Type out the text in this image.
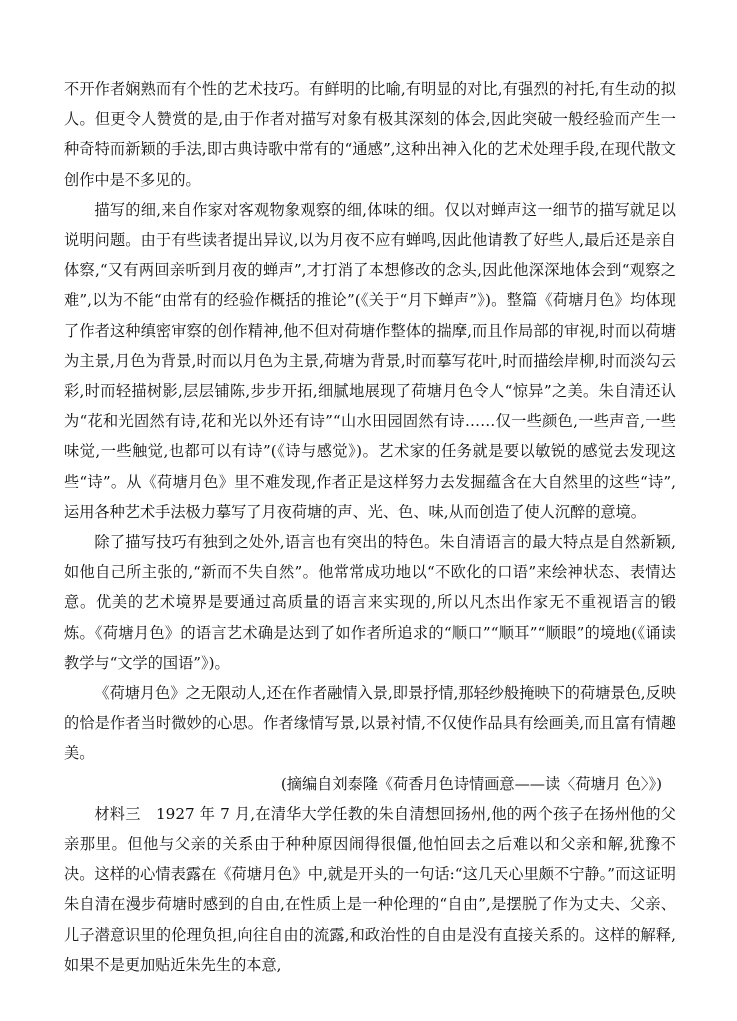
不开作者娴熟而有个性的艺术技巧。有鲜明的比喻,有明显的对比,有强烈的衬托,有生动的拟人。但更令人赞赏的是,由于作者对描写对象有极其深刻的体会,因此突破一般经验而产生一种奇特而新颖的手法,即古典诗歌中常有的“通感”,这种出神入化的艺术处理手段,在现代散文创作中是不多见的。

描写的细,来自作家对客观物象观察的细,体味的细。仅以对蝉声这一细节的描写就足以说明问题。由于有些读者提出异议,以为月夜不应有蝉鸣,因此他请教了好些人,最后还是亲自体察,“又有两回亲听到月夜的蝉声”,才打消了本想修改的念头,因此他深深地体会到“观察之难”,以为不能“由常有的经验作概括的推论”(《关于“月下蝉声”》)。整篇《荷塘月色》均体现了作者这种缜密审察的创作精神,他不但对荷塘作整体的揣摩,而且作局部的审视,时而以荷塘为主景,月色为背景,时而以月色为主景,荷塘为背景,时而摹写花叶,时而描绘岸柳,时而淡勾云彩,时而轻描树影,层层铺陈,步步开拓,细腻地展现了荷塘月色令人“惊异”之美。朱自清还认为“花和光固然有诗,花和光以外还有诗”“山水田园固然有诗……仅一些颜色,一些声音,一些味觉,一些触觉,也都可以有诗”(《诗与感觉》)。艺术家的任务就是要以敏锐的感觉去发现这些“诗”。从《荷塘月色》里不难发现,作者正是这样努力去发掘蕴含在大自然里的这些“诗”,运用各种艺术手法极力摹写了月夜荷塘的声、光、色、味,从而创造了使人沉醉的意境。

除了描写技巧有独到之处外,语言也有突出的特色。朱自清语言的最大特点是自然新颖,如他自己所主张的,“新而不失自然”。他常常成功地以“不欧化的口语”来绘神状态、表情达意。优美的艺术境界是要通过高质量的语言来实现的,所以凡杰出作家无不重视语言的锻炼。《荷塘月色》的语言艺术确是达到了如作者所追求的“顺口”“顺耳”“顺眼”的境地(《诵读教学与“文学的国语”》)。

《荷塘月色》之无限动人,还在作者融情入景,即景抒情,那轻纱般掩映下的荷塘景色,反映的恰是作者当时微妙的心思。作者缘情写景,以景衬情,不仅使作品具有绘画美,而且富有情趣美。

(摘编自刘泰隆《荷香月色诗情画意——读〈荷塘月 色〉》)

材料三　1927 年 7 月,在清华大学任教的朱自清想回扬州,他的两个孩子在扬州他的父亲那里。但他与父亲的关系由于种种原因闹得很僵,他怕回去之后难以和父亲和解,犹豫不决。这样的心情表露在《荷塘月色》中,就是开头的一句话:“这几天心里颇不宁静。”而这证明朱自清在漫步荷塘时感到的自由,在性质上是一种伦理的“自由”,是摆脱了作为丈夫、父亲、儿子潜意识里的伦理负担,向往自由的流露,和政治性的自由是没有直接关系的。这样的解释,如果不是更加贴近朱先生的本意,
